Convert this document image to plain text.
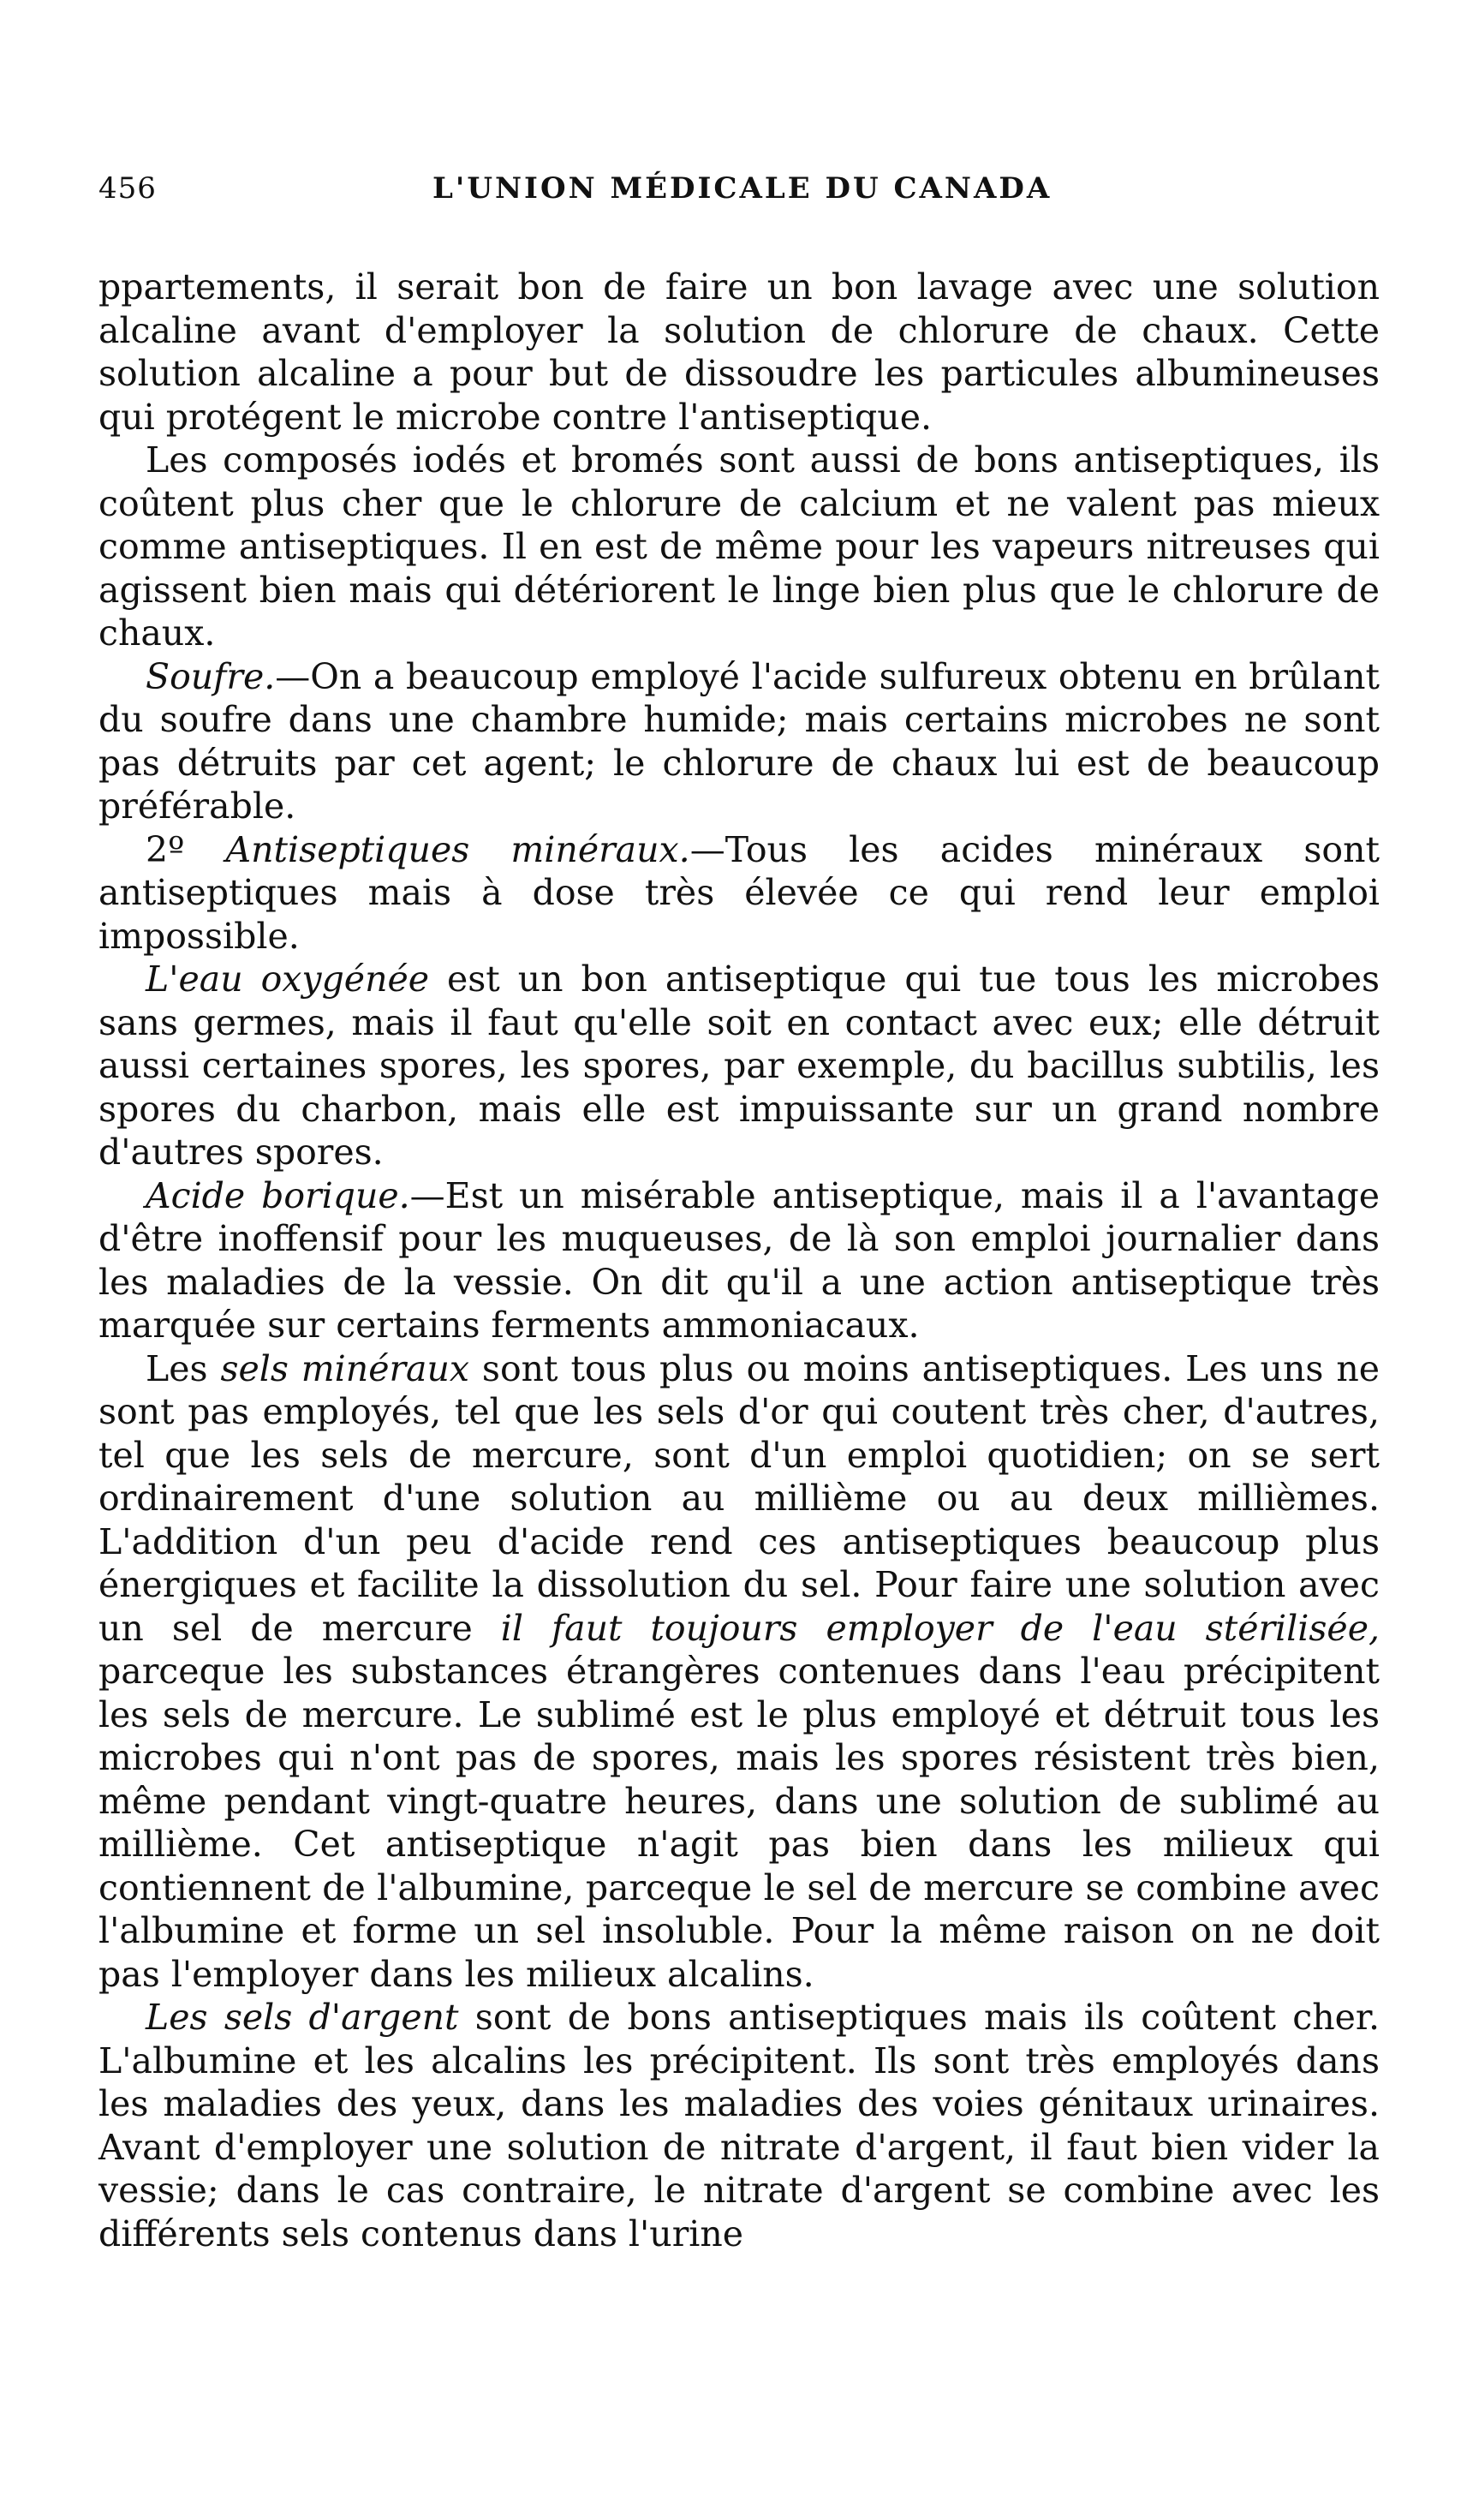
456	L'UNION MÉDICALE DU CANADA

ppartements, il serait bon de faire un bon lavage avec une solution alcaline avant d'employer la solution de chlorure de chaux. Cette solution alcaline a pour but de dissoudre les particules albumineuses qui protégent le microbe contre l'antiseptique.

Les composés iodés et bromés sont aussi de bons antiseptiques, ils coûtent plus cher que le chlorure de calcium et ne valent pas mieux comme antiseptiques. Il en est de même pour les vapeurs nitreuses qui agissent bien mais qui détériorent le linge bien plus que le chlorure de chaux.

Soufre.—On a beaucoup employé l'acide sulfureux obtenu en brûlant du soufre dans une chambre humide; mais certains microbes ne sont pas détruits par cet agent; le chlorure de chaux lui est de beaucoup préférable.

2º Antiseptiques minéraux.—Tous les acides minéraux sont antiseptiques mais à dose très élevée ce qui rend leur emploi impossible.

L'eau oxygénée est un bon antiseptique qui tue tous les microbes sans germes, mais il faut qu'elle soit en contact avec eux; elle détruit aussi certaines spores, les spores, par exemple, du bacillus subtilis, les spores du charbon, mais elle est impuissante sur un grand nombre d'autres spores.

Acide borique.—Est un misérable antiseptique, mais il a l'avantage d'être inoffensif pour les muqueuses, de là son emploi journalier dans les maladies de la vessie. On dit qu'il a une action antiseptique très marquée sur certains ferments ammoniacaux.

Les sels minéraux sont tous plus ou moins antiseptiques. Les uns ne sont pas employés, tel que les sels d'or qui coutent très cher, d'autres, tel que les sels de mercure, sont d'un emploi quotidien; on se sert ordinairement d'une solution au millième ou au deux millièmes. L'addition d'un peu d'acide rend ces antiseptiques beaucoup plus énergiques et facilite la dissolution du sel. Pour faire une solution avec un sel de mercure il faut toujours employer de l'eau stérilisée, parceque les substances étrangères contenues dans l'eau précipitent les sels de mercure. Le sublimé est le plus employé et détruit tous les microbes qui n'ont pas de spores, mais les spores résistent très bien, même pendant vingt-quatre heures, dans une solution de sublimé au millième. Cet antiseptique n'agit pas bien dans les milieux qui contiennent de l'albumine, parceque le sel de mercure se combine avec l'albumine et forme un sel insoluble. Pour la même raison on ne doit pas l'employer dans les milieux alcalins.

Les sels d'argent sont de bons antiseptiques mais ils coûtent cher. L'albumine et les alcalins les précipitent. Ils sont très employés dans les maladies des yeux, dans les maladies des voies génitaux urinaires. Avant d'employer une solution de nitrate d'argent, il faut bien vider la vessie; dans le cas contraire, le nitrate d'argent se combine avec les différents sels contenus dans l'urine
